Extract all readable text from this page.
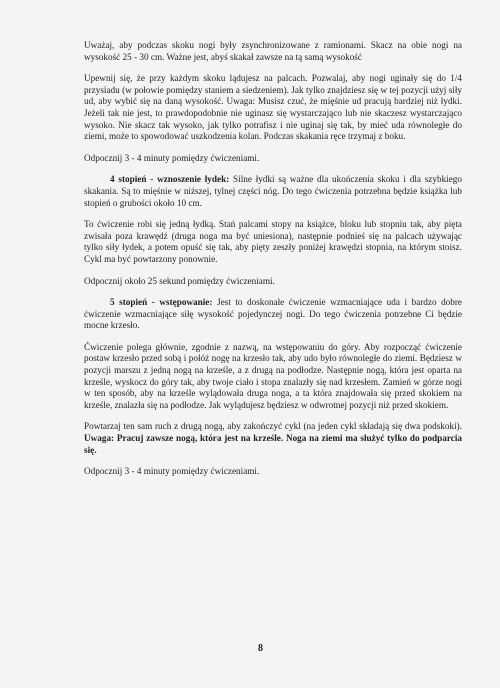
Uważaj, aby podczas skoku nogi były zsynchronizowane z ramionami. Skacz na obie nogi na wysokość 25 - 30 cm. Ważne jest, abyś skakał zawsze na tą samą wysokość

Upewnij się, że przy każdym skoku lądujesz na palcach. Pozwalaj, aby nogi uginały się do 1/4 przysiadu (w połowie pomiędzy staniem a siedzeniem). Jak tylko znajdziesz się w tej pozycji użyj siły ud, aby wybić się na daną wysokość. Uwaga: Musisz czuć, że mięśnie ud pracują bardziej niż łydki. Jeżeli tak nie jest, to prawdopodobnie nie uginasz się wystarczająco lub nie skaczesz wystarczająco wysoko. Nie skacz tak wysoko, jak tylko potrafisz i nie uginaj się tak, by mieć uda równoległe do ziemi, może to spowodować uszkodzenia kolan. Podczas skakania ręce trzymaj z boku.

Odpocznij 3 - 4 minuty pomiędzy ćwiczeniami.

4 stopień - wznoszenie łydek: Silne łydki są ważne dla ukończenia skoku i dla szybkiego skakania. Są to mięśnie w niższej, tylnej części nóg. Do tego ćwiczenia potrzebna będzie książka lub stopień o grubości około 10 cm.

To ćwiczenie robi się jedną łydką. Stań palcami stopy na książce, bloku lub stopniu tak, aby pięta zwisała poza krawędź (druga noga ma być uniesiona), następnie podnieś się na palcach używając tylko siły łydek, a potem opuść się tak, aby pięty zeszły poniżej krawędzi stopnia, na którym stoisz. Cykl ma być powtarzony ponownie.

Odpocznij około 25 sekund pomiędzy ćwiczeniami.

5 stopień - wstępowanie: Jest to doskonałe ćwiczenie wzmacniające uda i bardzo dobre ćwiczenie wzmacniające siłę wysokość pojedynczej nogi. Do tego ćwiczenia potrzebne Ci będzie mocne krzesło.

Ćwiczenie polega głównie, zgodnie z nazwą, na wstępowaniu do góry. Aby rozpocząć ćwiczenie postaw krzesło przed sobą i połóż nogę na krzesło tak, aby udo było równoległe do ziemi. Będziesz w pozycji marszu z jedną nogą na krześle, a z drugą na podłodze. Następnie nogą, która jest oparta na krześle, wyskocz do góry tak, aby twoje ciało i stopa znalazły się nad krzesłem. Zamień w górze nogi w ten sposób, aby na krześle wylądowała druga noga, a ta która znajdowała się przed skokiem na krześle, znalazła się na podłodze. Jak wylądujesz będziesz w odwrotnej pozycji niż przed skokiem.

Powtarzaj ten sam ruch z drugą nogą, aby zakończyć cykl (na jeden cykl składają się dwa podskoki). Uwaga: Pracuj zawsze nogą, która jest na krześle. Noga na ziemi ma służyć tylko do podparcia się.

Odpocznij 3 - 4 minuty pomiędzy ćwiczeniami.

8
